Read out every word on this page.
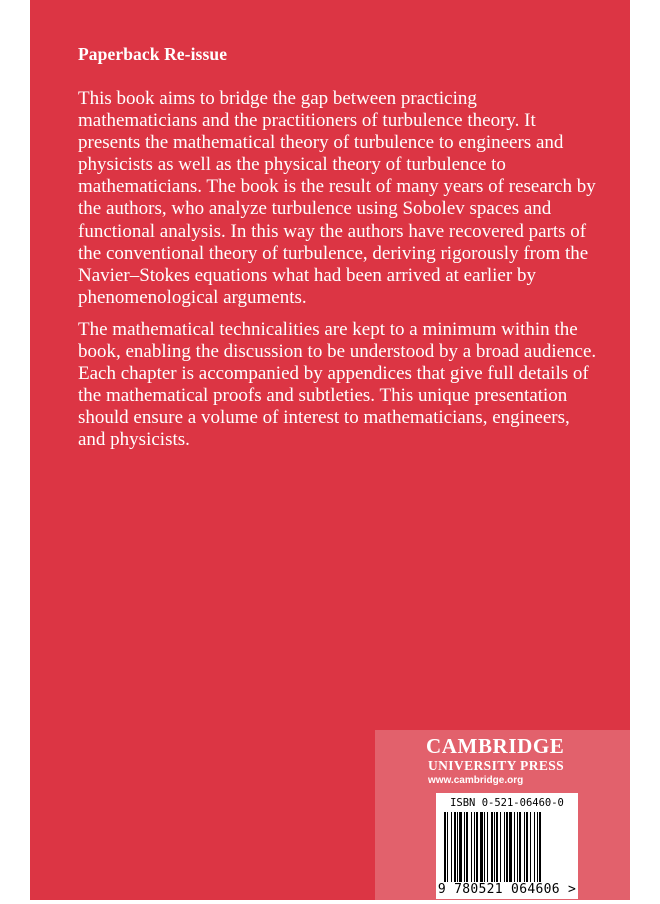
Paperback Re-issue

This book aims to bridge the gap between practicing mathematicians and the practitioners of turbulence theory. It presents the mathematical theory of turbulence to engineers and physicists as well as the physical theory of turbulence to mathematicians. The book is the result of many years of research by the authors, who analyze turbulence using Sobolev spaces and functional analysis. In this way the authors have recovered parts of the conventional theory of turbulence, deriving rigorously from the Navier–Stokes equations what had been arrived at earlier by phenomenological arguments.

The mathematical technicalities are kept to a minimum within the book, enabling the discussion to be understood by a broad audience. Each chapter is accompanied by appendices that give full details of the mathematical proofs and subtleties. This unique presentation should ensure a volume of interest to mathematicians, engineers, and physicists.

CAMBRIDGE
UNIVERSITY PRESS
www.cambridge.org
ISBN 0-521-06460-0
9 780521 064606 >
